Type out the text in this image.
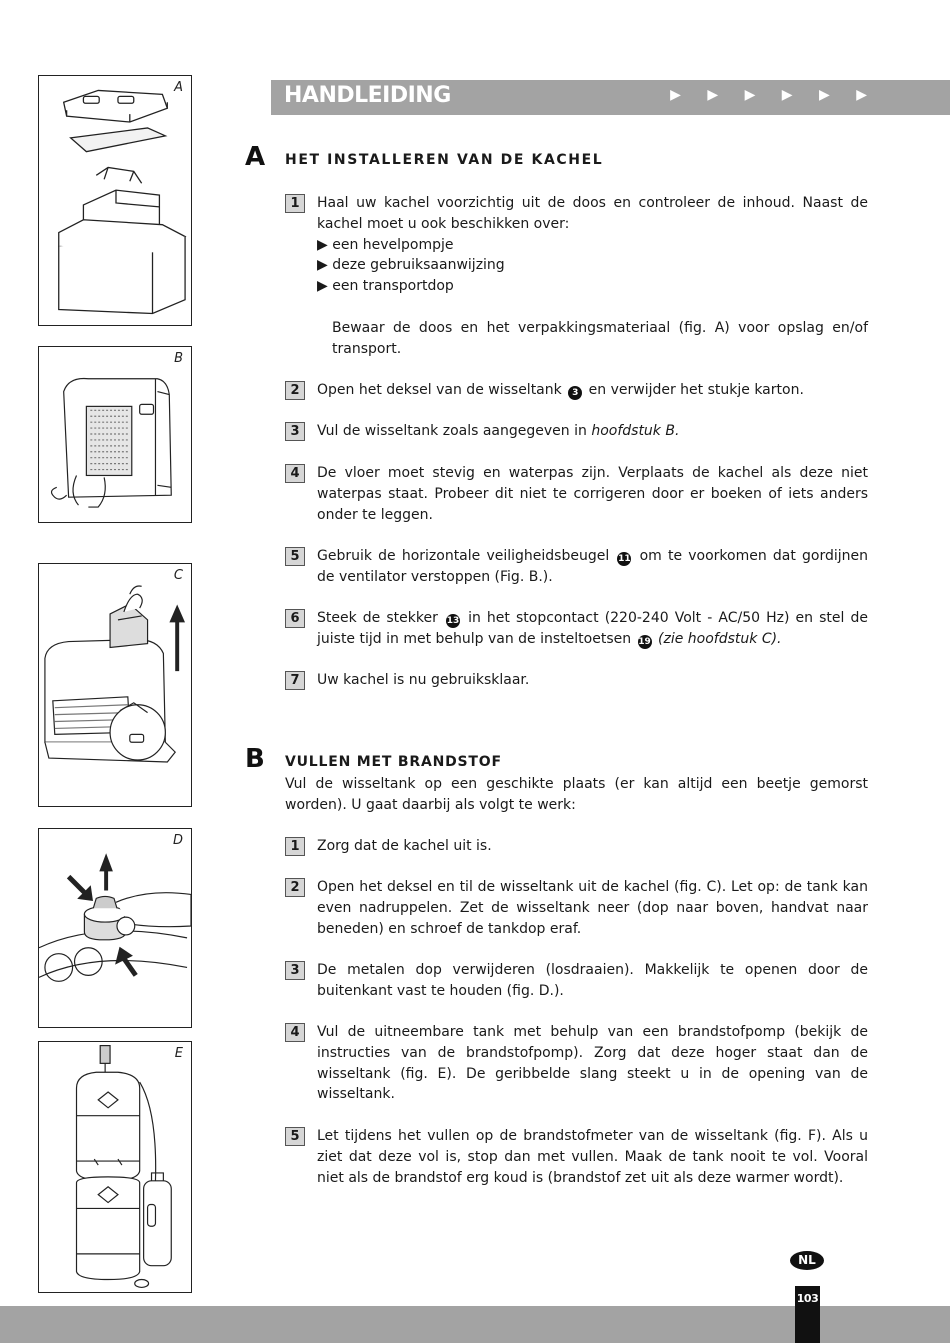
A
B
C
D
E
HANDLEIDING	▶ ▶ ▶ ▶ ▶ ▶
A HET INSTALLEREN VAN DE KACHEL
1	Haal uw kachel voorzichtig uit de doos en controleer de inhoud. Naast de kachel moet u ook beschikken over:
▶ een hevelpompje
▶ deze gebruiksaanwijzing
▶ een transportdop
Bewaar de doos en het verpakkingsmateriaal (fig. A) voor opslag en/of transport.
2	Open het deksel van de wisseltank 3 en verwijder het stukje karton.
3	Vul de wisseltank zoals aangegeven in hoofdstuk B.
4	De vloer moet stevig en waterpas zijn. Verplaats de kachel als deze niet waterpas staat. Probeer dit niet te corrigeren door er boeken of iets anders onder te leggen.
5	Gebruik de horizontale veiligheidsbeugel 11 om te voorkomen dat gordijnen de ventilator verstoppen (Fig. B.).
6	Steek de stekker 13 in het stopcontact (220-240 Volt - AC/50 Hz) en stel de juiste tijd in met behulp van de insteltoetsen 19 (zie hoofdstuk C).
7	Uw kachel is nu gebruiksklaar.
B VULLEN MET BRANDSTOF
Vul de wisseltank op een geschikte plaats (er kan altijd een beetje gemorst worden). U gaat daarbij als volgt te werk:
1	Zorg dat de kachel uit is.
2	Open het deksel en til de wisseltank uit de kachel (fig. C). Let op: de tank kan even nadruppelen. Zet de wisseltank neer (dop naar boven, handvat naar beneden) en schroef de tankdop eraf.
3	De metalen dop verwijderen (losdraaien). Makkelijk te openen door de buitenkant vast te houden (fig. D.).
4	Vul de uitneembare tank met behulp van een brandstofpomp (bekijk de instructies van de brandstofpomp). Zorg dat deze hoger staat dan de wisseltank (fig. E). De geribbelde slang steekt u in de opening van de wisseltank.
5	Let tijdens het vullen op de brandstofmeter van de wisseltank (fig. F). Als u ziet dat deze vol is, stop dan met vullen. Maak de tank nooit te vol. Vooral niet als de brandstof erg koud is (brandstof zet uit als deze warmer wordt).
NL
103
